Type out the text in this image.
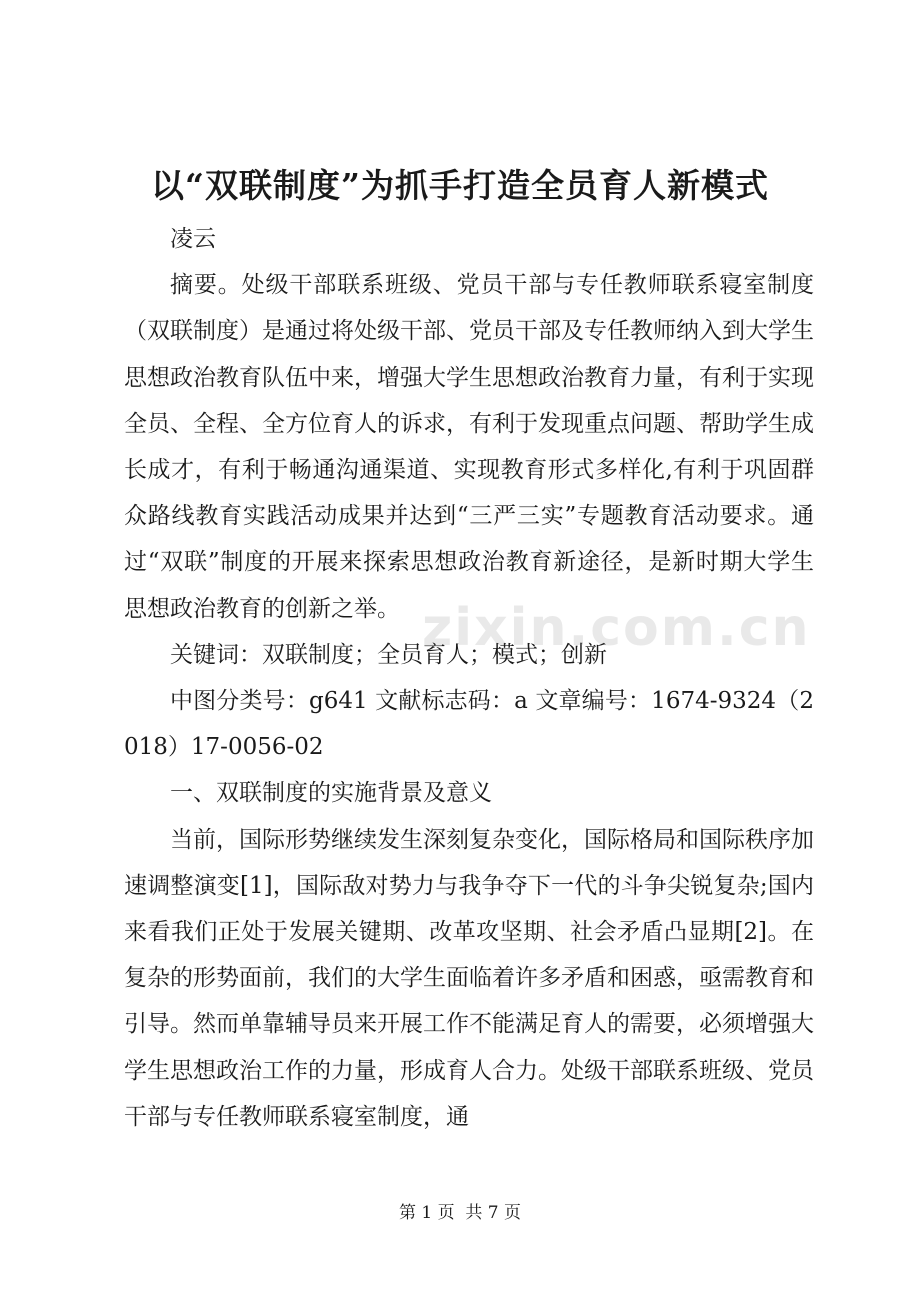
以“双联制度”为抓手打造全员育人新模式

凌云

摘要。处级干部联系班级、党员干部与专任教师联系寝室制度（双联制度）是通过将处级干部、党员干部及专任教师纳入到大学生思想政治教育队伍中来，增强大学生思想政治教育力量，有利于实现全员、全程、全方位育人的诉求，有利于发现重点问题、帮助学生成长成才，有利于畅通沟通渠道、实现教育形式多样化,有利于巩固群众路线教育实践活动成果并达到“三严三实”专题教育活动要求。通过“双联”制度的开展来探索思想政治教育新途径，是新时期大学生思想政治教育的创新之举。

关键词：双联制度；全员育人；模式；创新

中图分类号：g641 文献标志码：a 文章编号：1674-9324（2018）17-0056-02

一、双联制度的实施背景及意义

当前，国际形势继续发生深刻复杂变化，国际格局和国际秩序加速调整演变[1]，国际敌对势力与我争夺下一代的斗争尖锐复杂;国内来看我们正处于发展关键期、改革攻坚期、社会矛盾凸显期[2]。在复杂的形势面前，我们的大学生面临着许多矛盾和困惑，亟需教育和引导。然而单靠辅导员来开展工作不能满足育人的需要，必须增强大学生思想政治工作的力量，形成育人合力。处级干部联系班级、党员干部与专任教师联系寝室制度，通

zixin.com.cn
第 1 页  共 7 页
